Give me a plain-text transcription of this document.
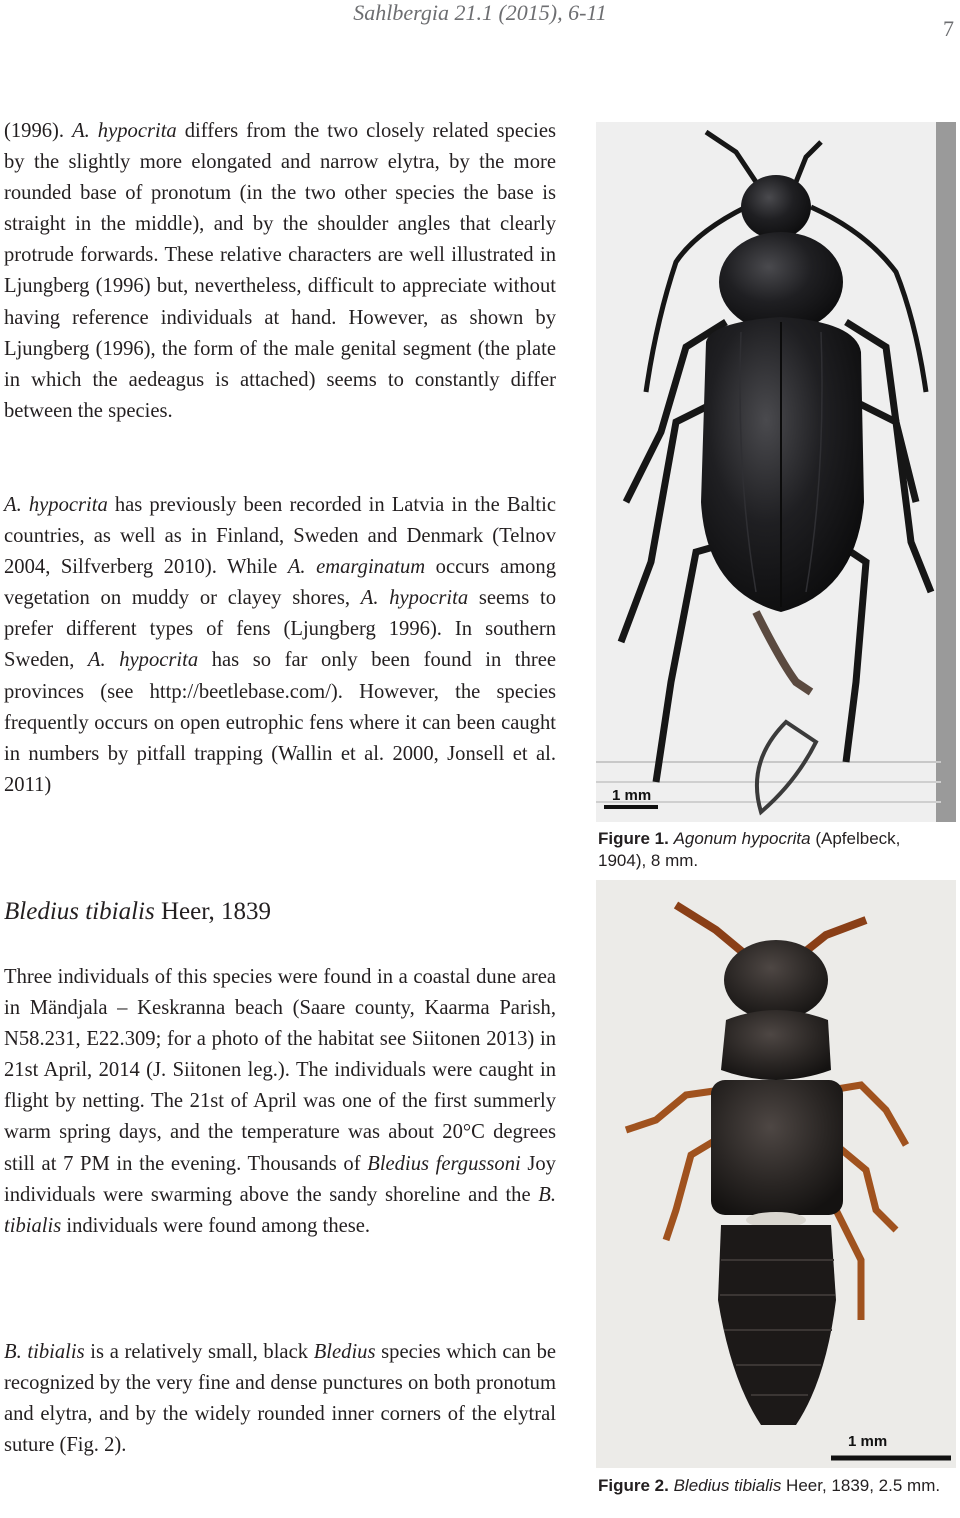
Sahlbergia 21.1 (2015), 6-11
7

(1996). A. hypocrita differs from the two closely related species by the slightly more elongated and narrow elytra, by the more rounded base of pronotum (in the two other species the base is straight in the middle), and by the shoulder angles that clearly protrude forwards. These relative characters are well illustrated in Ljungberg (1996) but, nevertheless, difficult to appreciate without having reference individuals at hand. However, as shown by Ljungberg (1996), the form of the male genital segment (the plate in which the aedeagus is attached) seems to constantly differ between the species.

A. hypocrita has previously been recorded in Latvia in the Baltic countries, as well as in Finland, Sweden and Denmark (Telnov 2004, Silfverberg 2010). While A. emarginatum occurs among vegetation on muddy or clayey shores, A. hypocrita seems to prefer different types of fens (Ljungberg 1996). In southern Sweden, A. hypocrita has so far only been found in three provinces (see http://beetlebase.com/). However, the species frequently occurs on open eutrophic fens where it can been caught in numbers by pitfall trapping (Wallin et al. 2000, Jonsell et al. 2011)

Bledius tibialis Heer, 1839

Three individuals of this species were found in a coastal dune area in Mändjala – Keskranna beach (Saare county, Kaarma Parish, N58.231, E22.309; for a photo of the habitat see Siitonen 2013) in 21st April, 2014 (J. Siitonen leg.). The individuals were caught in flight by netting. The 21st of April was one of the first summerly warm spring days, and the temperature was about 20°C degrees still at 7 PM in the evening. Thousands of Bledius fergussoni Joy individuals were swarming above the sandy shoreline and the B. tibialis individuals were found among these.

B. tibialis is a relatively small, black Bledius species which can be recognized by the very fine and dense punctures on both pronotum and elytra, and by the widely rounded inner corners of the elytral suture (Fig. 2).

1 mm
Figure 1. Agonum hypocrita (Apfelbeck, 1904), 8 mm.
1 mm
Figure 2. Bledius tibialis Heer, 1839, 2.5 mm.
